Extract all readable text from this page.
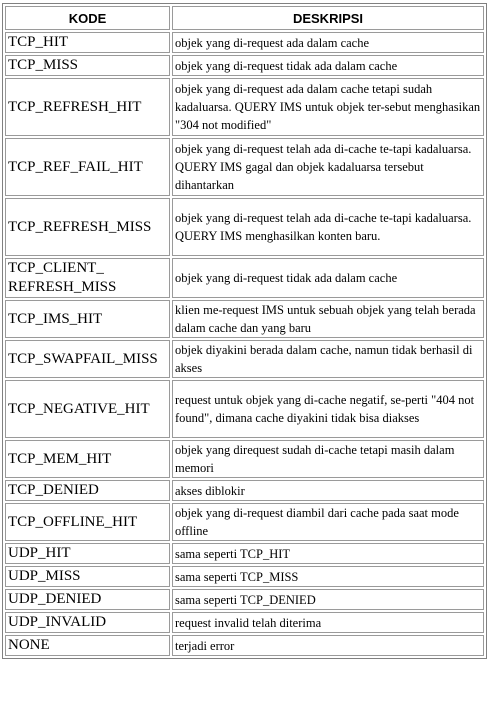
KODE	DESKRIPSI
TCP_HIT	objek yang di-request ada dalam cache
TCP_MISS	objek yang di-request tidak ada dalam cache
TCP_REFRESH_HIT	objek yang di-request ada dalam cache tetapi sudah kadaluarsa. QUERY IMS untuk objek ter-sebut menghasikan "304 not modified"
TCP_REF_FAIL_HIT	objek yang di-request telah ada di-cache te-tapi kadaluarsa. QUERY IMS gagal dan objek kadaluarsa tersebut dihantarkan
TCP_REFRESH_MISS	objek yang di-request telah ada di-cache te-tapi kadaluarsa. QUERY IMS menghasilkan konten baru.
TCP_CLIENT_ REFRESH_MISS	objek yang di-request tidak ada dalam cache
TCP_IMS_HIT	klien me-request IMS untuk sebuah objek yang telah berada dalam cache dan yang baru
TCP_SWAPFAIL_MISS	objek diyakini berada dalam cache, namun tidak berhasil di akses
TCP_NEGATIVE_HIT	request untuk objek yang di-cache negatif, se-perti "404 not found", dimana cache diyakini tidak bisa diakses
TCP_MEM_HIT	objek yang direquest sudah di-cache tetapi masih dalam memori
TCP_DENIED	akses diblokir
TCP_OFFLINE_HIT	objek yang di-request diambil dari cache pada saat mode offline
UDP_HIT	sama seperti TCP_HIT
UDP_MISS	sama seperti TCP_MISS
UDP_DENIED	sama seperti TCP_DENIED
UDP_INVALID	request invalid telah diterima
NONE	terjadi error
